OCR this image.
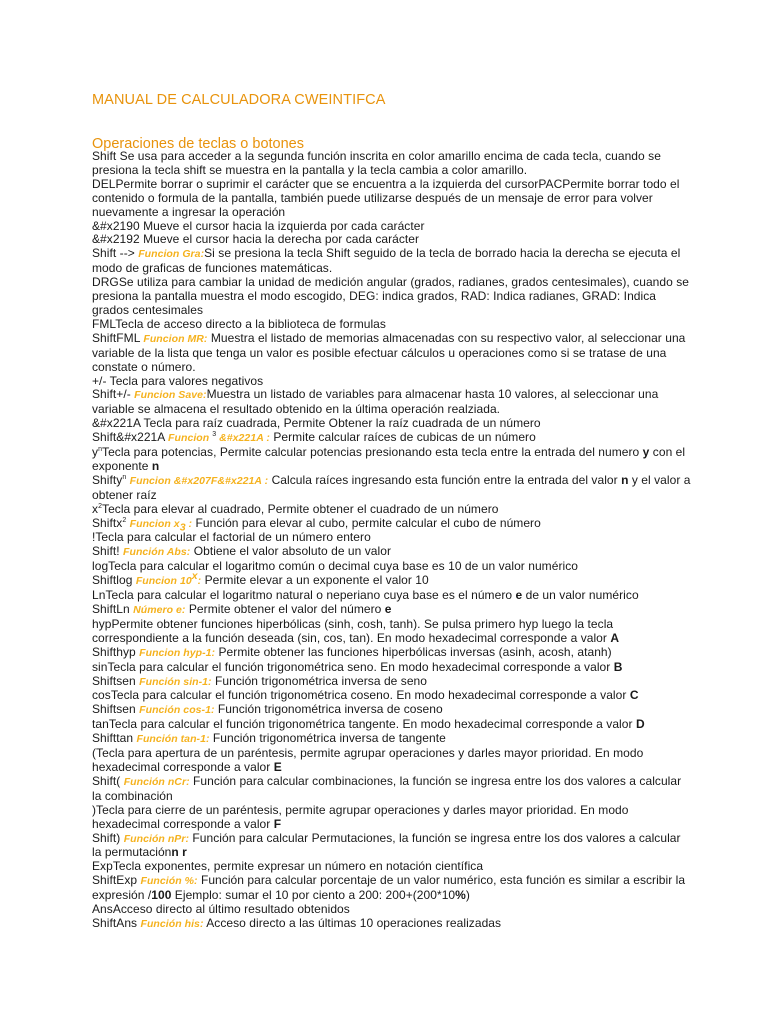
MANUAL DE CALCULADORA CWEINTIFCA
Operaciones de teclas o botones
Shift Se usa para acceder a la segunda función inscrita en color amarillo encima de cada tecla, cuando se presiona la tecla shift se muestra en la pantalla y la tecla cambia a color amarillo.
DELPermite borrar o suprimir el carácter que se encuentra a la izquierda del cursorPACPermite borrar todo el contenido o formula de la pantalla, también puede utilizarse después de un mensaje de error para volver nuevamente a ingresar la operación
&#x2190 Mueve el cursor hacia la izquierda por cada carácter
&#x2192 Mueve el cursor hacia la derecha por cada carácter
Shift --> Funcion Gra:Si se presiona la tecla Shift seguido de la tecla de borrado hacia la derecha se ejecuta el modo de graficas de funciones matemáticas.
DRGSe utiliza para cambiar la unidad de medición angular (grados, radianes, grados centesimales), cuando se presiona la pantalla muestra el modo escogido, DEG: indica grados, RAD: Indica radianes, GRAD: Indica grados centesimales
FMLTecla de acceso directo a la biblioteca de formulas
ShiftFML Funcion MR: Muestra el listado de memorias almacenadas con su respectivo valor, al seleccionar una variable de la lista que tenga un valor es posible efectuar cálculos u operaciones como si se tratase de una constate o número.
+/- Tecla para valores negativos
Shift+/- Funcion Save:Muestra un listado de variables para almacenar hasta 10 valores, al seleccionar una variable se almacena el resultado obtenido en la última operación realziada.
&#x221A Tecla para raíz cuadrada, Permite Obtener la raíz cuadrada de un número
Shift&#x221A Funcion $^3$ &#x221A : Permite calcular raíces de cubicas de un número
$y^nTecla$ para potencias, Permite calcular potencias presionando esta tecla entre la entrada del numero y con el exponente n
Shifty$^n$ Funcion &#x207F&#x221A : Calcula raíces ingresando esta función entre la entrada del valor n y el valor a obtener raíz
$x^2Tecla$ para elevar al cuadrado, Permite obtener el cuadrado de un número
Shiftx$^2$ Funcion $x_3$ : Función para elevar al cubo, permite calcular el cubo de número
!Tecla para calcular el factorial de un número entero
Shift! Función Abs: Obtiene el valor absoluto de un valor
logTecla para calcular el logaritmo común o decimal cuya base es 10 de un valor numérico
Shiftlog Funcion 10$^x$: Permite elevar a un exponente el valor 10
LnTecla para calcular el logaritmo natural o neperiano cuya base es el número e de un valor numérico
ShiftLn Número e: Permite obtener el valor del número e
hypPermite obtener funciones hiperbólicas (sinh, cosh, tanh). Se pulsa primero hyp luego la tecla correspondiente a la función deseada (sin, cos, tan). En modo hexadecimal corresponde a valor A
Shifthyp Funcion hyp-1: Permite obtener las funciones hiperbólicas inversas (asinh, acosh, atanh)
sinTecla para calcular el función trigonométrica seno. En modo hexadecimal corresponde a valor B
Shiftsen Función sin-1: Función trigonométrica inversa de seno
cosTecla para calcular el función trigonométrica coseno. En modo hexadecimal corresponde a valor C
Shiftsen Función cos-1: Función trigonométrica inversa de coseno
tanTecla para calcular el función trigonométrica tangente. En modo hexadecimal corresponde a valor D
Shifttan Función tan-1: Función trigonométrica inversa de tangente
(Tecla para apertura de un paréntesis, permite agrupar operaciones y darles mayor prioridad. En modo hexadecimal corresponde a valor E
Shift( Función nCr: Función para calcular combinaciones, la función se ingresa entre los dos valores a calcular la combinación
)Tecla para cierre de un paréntesis, permite agrupar operaciones y darles mayor prioridad. En modo hexadecimal corresponde a valor F
Shift) Función nPr: Función para calcular Permutaciones, la función se ingresa entre los dos valores a calcular la permutaciónn r
ExpTecla exponentes, permite expresar un número en notación científica
ShiftExp Función %: Función para calcular porcentaje de un valor numérico, esta función es similar a escribir la expresión /100 Ejemplo: sumar el 10 por ciento a 200: 200+(200*10%)
AnsAcceso directo al último resultado obtenidos
ShiftAns Función his: Acceso directo a las últimas 10 operaciones realizadas
